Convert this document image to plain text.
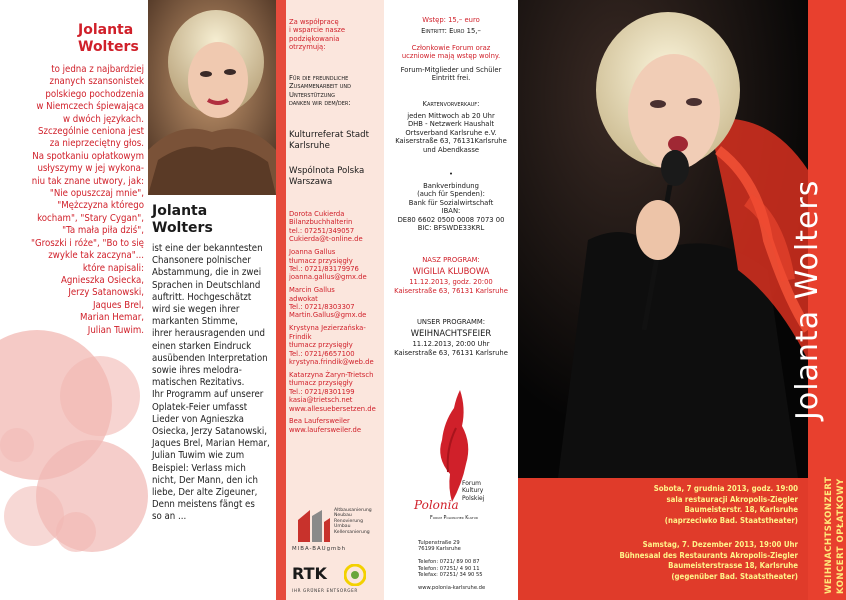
Jolanta
Wolters
to jedna z najbardziej
znanych szansonistek
polskiego pochodzenia
w Niemczech śpiewająca
w dwóch językach.
Szczególnie ceniona jest
za nieprzeciętny głos.
Na spotkaniu opłatkowym
usłyszymy w jej wykona-
niu tak znane utwory, jak:
"Nie opuszczaj mnie",
"Mężczyzna którego
kocham", "Stary Cygan",
"Ta mała piła dziś",
"Groszki i róże", "Bo to się
zwykle tak zaczyna"...
które napisali:
Agnieszka Osiecka,
Jerzy Satanowski,
Jaques Brel,
Marian Hemar,
Julian Tuwim.
Jolanta
Wolters
ist eine der bekanntesten
Chansonere polnischer
Abstammung, die in zwei
Sprachen in Deutschland
auftritt. Hochgeschätzt
wird sie wegen ihrer
markanten Stimme,
ihrer herausragenden und
einen starken Eindruck
ausübenden Interpretation
sowie ihres melodra-
matischen Rezitativs.
Ihr Programm auf unserer
Oplatek-Feier umfasst
Lieder von Agnieszka
Osiecka, Jerzy Satanowski,
Jaques Brel, Marian Hemar,
Julian Tuwim wie zum
Beispiel: Verlass mich
nicht, Der Mann, den ich
liebe, Der alte Zigeuner,
Denn meistens fängt es
so an ...
Za współpracę
i wsparcie nasze
podziękowania
otrzymują:
Für die freundliche
Zusammenarbeit und
Unterstützung
danken wir dem/der:
Kulturreferat Stadt
Karlsruhe
Wspólnota Polska
Warszawa
Dorota Cukierda
Bilanzbuchhalterin
tel.: 07251/349057
Cukierda@t-online.de
Joanna Gallus
tłumacz przysięgły
Tel.: 0721/83179976
joanna.gallus@gmx.de
Marcin Gallus
adwokat
Tel.: 0721/8303307
Martin.Gallus@gmx.de
Krystyna Jezierzańska-
Frindik
tłumacz przysięgły
Tel.: 0721/6657100
krystyna.frindik@web.de
Katarzyna Żaryn-Trietsch
tłumacz przysięgły
Tel.: 0721/8301199
kasia@trietsch.net
www.allesuebersetzen.de
Bea Laufersweiler
www.laufersweiler.de
Altbausanierung
Neubau
Renovierung
Umbau
Kellersanierung
MIBA-BAUgmbh
RTK
IHR GRÜNER ENTSORGER
Wstęp: 15,– euro
Eintritt: Euro 15,–
Członkowie Forum oraz
uczniowie mają wstęp wolny.
Forum-Mitglieder und Schüler
Eintritt frei.
Kartenvorverkauf:
jeden Mittwoch ab 20 Uhr
DHB - Netzwerk Haushalt
Ortsverband Karlsruhe e.V.
Kaiserstraße 63, 76131Karlsruhe
und Abendkasse
•
Bankverbindung
(auch für Spenden):
Bank für Sozialwirtschaft
IBAN:
DE80 6602 0500 0008 7073 00
BIC: BFSWDE33KRL
NASZ PROGRAM:
WIGILIA KLUBOWA
11.12.2013, godz. 20:00
Kaiserstraße 63, 76131 Karlsruhe
UNSER PROGRAMM:
WEIHNACHTSFEIER
11.12.2013, 20:00 Uhr
Kaiserstraße 63, 76131 Karlsruhe
Polonia
Forum
Kultury
Polskiej
Forum Polnischer Kultur
Tulpenstraße 29
76199 Karlsruhe

Telefon: 0721/ 89 00 87
Telefon: 07251/ 4 90 11
Telefax: 07251/ 34 90 55

www.polonia-karlsruhe.de
Sobota, 7 grudnia 2013, godz. 19:00
sala restauracji Akropolis-Ziegler
Baumeisterstr. 18, Karlsruhe
(naprzeciwko Bad. Staatstheater)
Samstag, 7. Dezember 2013, 19:00 Uhr
Bühnesaal des Restaurants Akropolis-Ziegler
Baumeisterstrasse 18, Karlsruhe
(gegenüber Bad. Staatstheater)
Jolanta Wolters
WEIHNACHTSKONZERT KONCERT OPŁATKOWY
